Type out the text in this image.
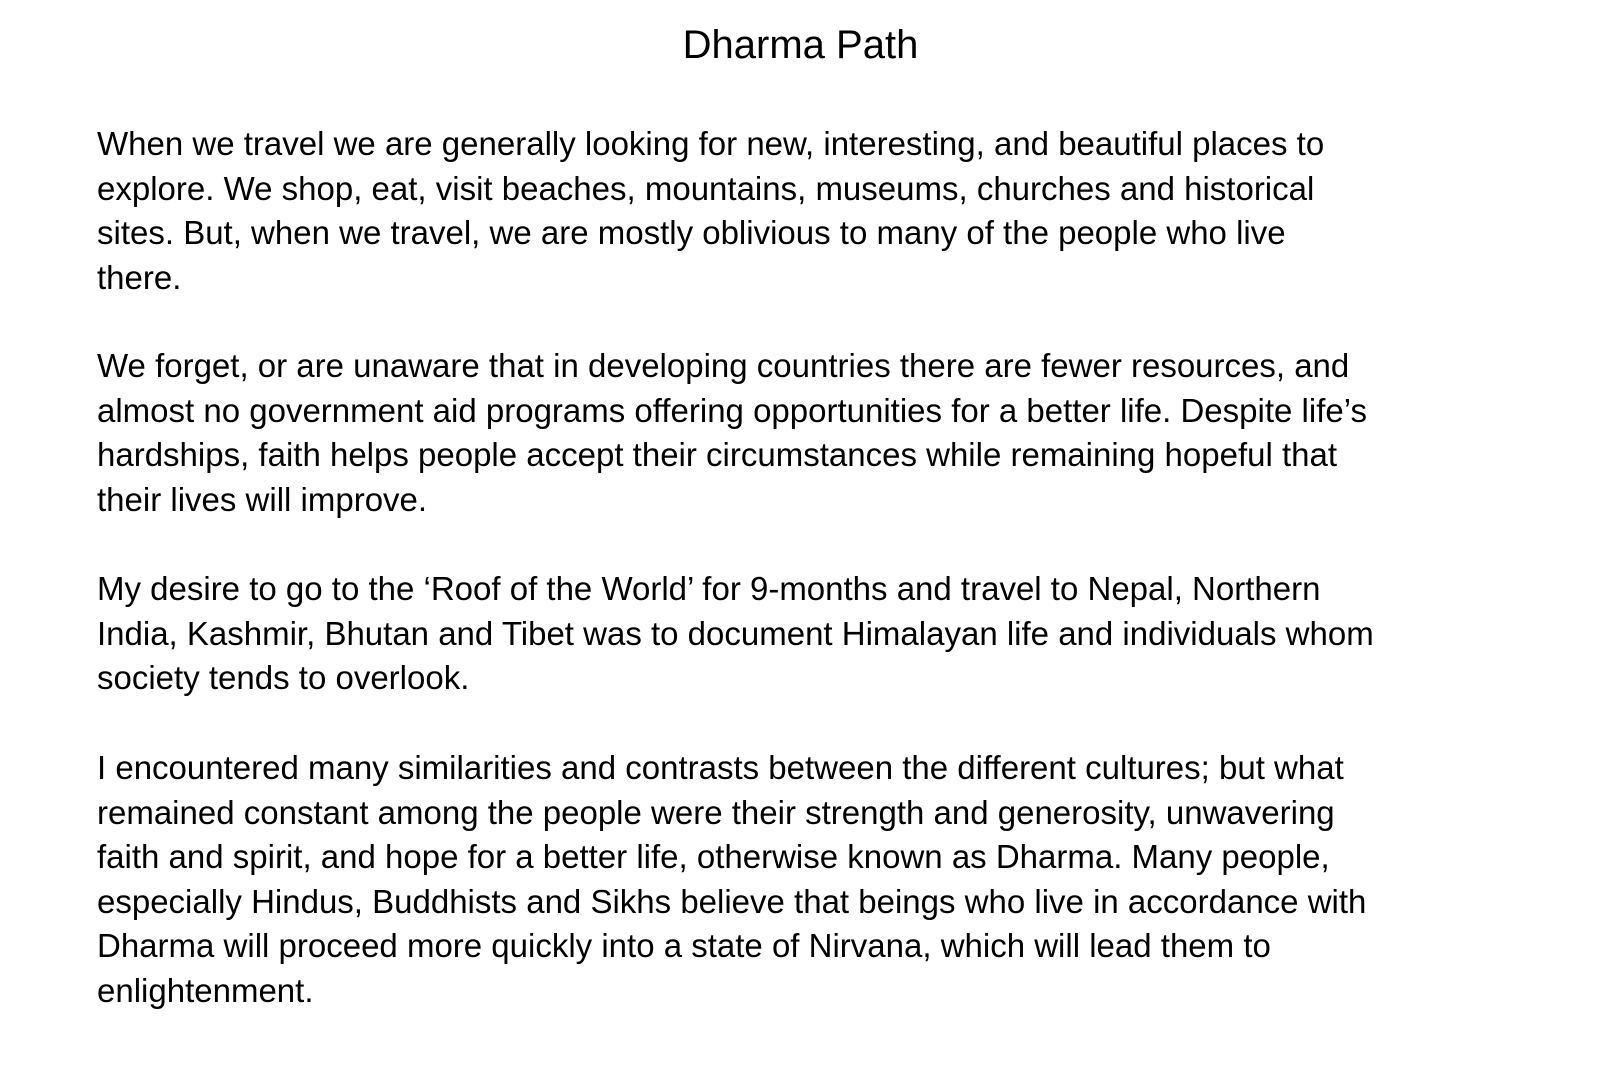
Dharma Path

When we travel we are generally looking for new, interesting, and beautiful places to
explore. We shop, eat, visit beaches, mountains, museums, churches and historical
sites. But, when we travel, we are mostly oblivious to many of the people who live
there.

We forget, or are unaware that in developing countries there are fewer resources, and
almost no government aid programs offering opportunities for a better life. Despite life’s
hardships, faith helps people accept their circumstances while remaining hopeful that
their lives will improve.

My desire to go to the ‘Roof of the World’ for 9-months and travel to Nepal, Northern
India, Kashmir, Bhutan and Tibet was to document Himalayan life and individuals whom
society tends to overlook.

I encountered many similarities and contrasts between the different cultures; but what
remained constant among the people were their strength and generosity, unwavering
faith and spirit, and hope for a better life, otherwise known as Dharma. Many people,
especially Hindus, Buddhists and Sikhs believe that beings who live in accordance with
Dharma will proceed more quickly into a state of Nirvana, which will lead them to
enlightenment.
